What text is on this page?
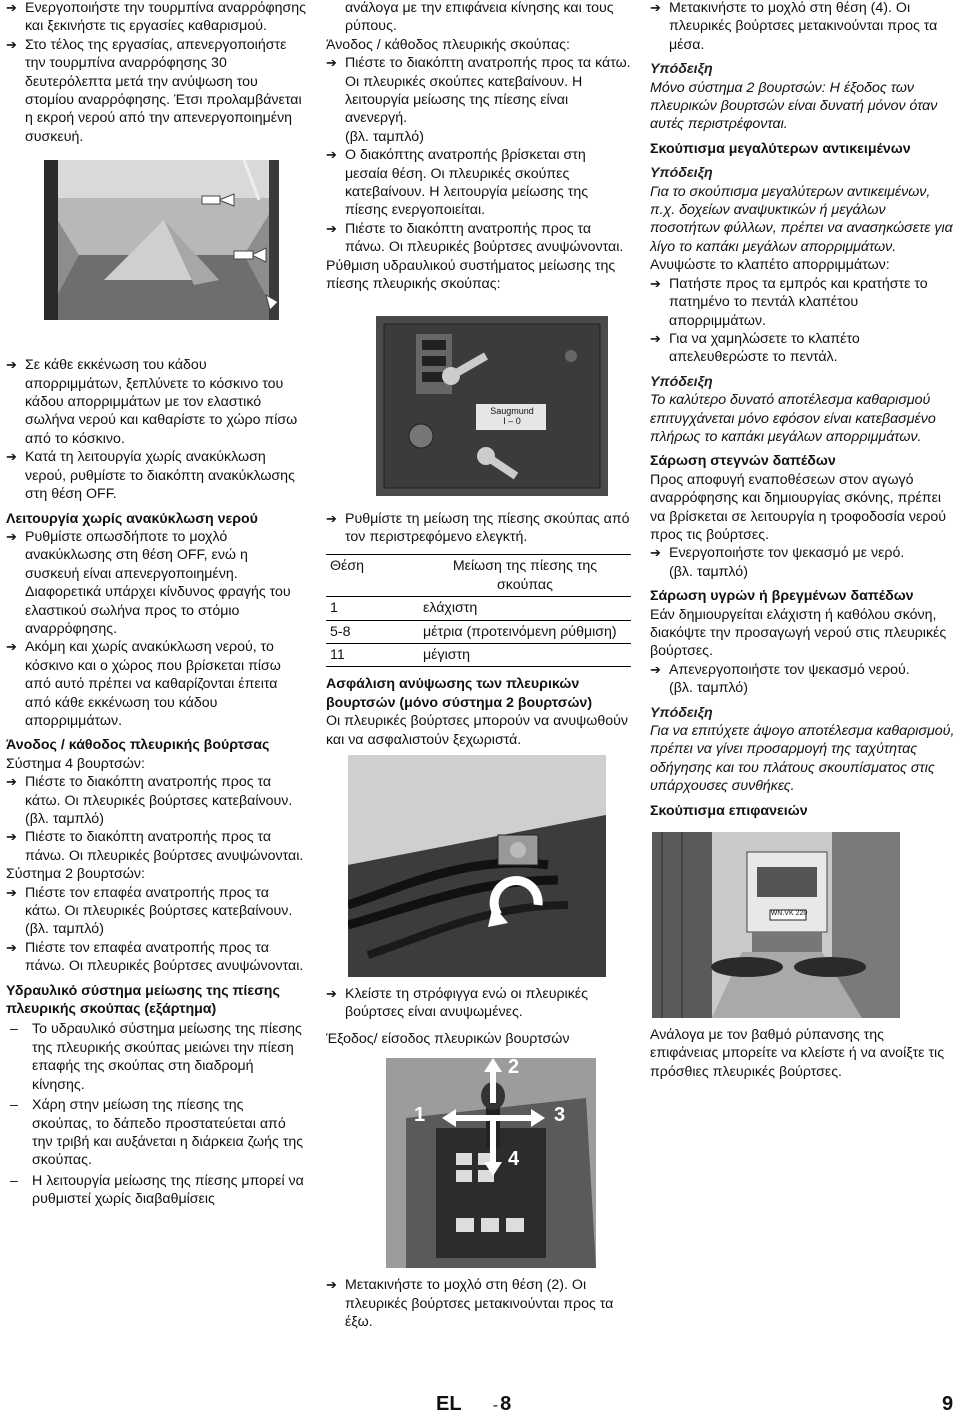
➔ Ενεργοποιήστε την τουρμπίνα αναρρόφησης και ξεκινήστε τις εργασίες καθαρισμού.

➔ Στο τέλος της εργασίας, απενεργοποιήστε την τουρμπίνα αναρρόφησης 30 δευτερόλεπτα μετά την ανύψωση του στομίου αναρρόφησης. Έτσι προλαμβάνεται η εκροή νερού από την απενεργοποιημένη συσκευή.

➔ Σε κάθε εκκένωση του κάδου απορριμμάτων, ξεπλύνετε το κόσκινο του κάδου απορριμμάτων με τον ελαστικό σωλήνα νερού και καθαρίστε το χώρο πίσω από το κόσκινο.

➔ Κατά τη λειτουργία χωρίς ανακύκλωση νερού, ρυθμίστε το διακόπτη ανακύκλωσης στη θέση OFF.

Λειτουργία χωρίς ανακύκλωση νερού

➔ Ρυθμίστε οπωσδήποτε το μοχλό ανακύκλωσης στη θέση OFF, ενώ η συσκευή είναι απενεργοποιημένη.

Διαφορετικά υπάρχει κίνδυνος φραγής του ελαστικού σωλήνα προς το στόμιο αναρρόφησης.

➔ Ακόμη και χωρίς ανακύκλωση νερού, το κόσκινο και ο χώρος που βρίσκεται πίσω από αυτό πρέπει να καθαρίζονται έπειτα από κάθε εκκένωση του κάδου απορριμμάτων.

Άνοδος / κάθοδος πλευρικής βούρτσας

Σύστημα 4 βουρτσών:

➔ Πιέστε το διακόπτη ανατροπής προς τα κάτω. Οι πλευρικές βούρτσες κατεβαίνουν.

(βλ. ταμπλό)

➔ Πιέστε το διακόπτη ανατροπής προς τα πάνω. Οι πλευρικές βούρτσες ανυψώνονται.

Σύστημα 2 βουρτσών:

➔ Πιέστε τον επαφέα ανατροπής προς τα κάτω. Οι πλευρικές βούρτσες κατεβαίνουν.

(βλ. ταμπλό)

➔ Πιέστε τον επαφέα ανατροπής προς τα πάνω. Οι πλευρικές βούρτσες ανυψώνονται.

Υδραυλικό σύστημα μείωσης της πίεσης πλευρικής σκούπας (εξάρτημα)

– Το υδραυλικό σύστημα μείωσης της πίεσης της πλευρικής σκούπας μειώνει την πίεση επαφής της σκούπας στη διαδρομή κίνησης.

– Χάρη στην μείωση της πίεσης της σκούπας, το δάπεδο προστατεύεται από την τριβή και αυξάνεται η διάρκεια ζωής της σκούπας.

– Η λειτουργία μείωσης της πίεσης μπορεί να ρυθμιστεί χωρίς διαβαθμίσεις

ανάλογα με την επιφάνεια κίνησης και τους ρύπους.

Άνοδος / κάθοδος πλευρικής σκούπας:

➔ Πιέστε το διακόπτη ανατροπής προς τα κάτω. Οι πλευρικές σκούπες κατεβαίνουν. Η λειτουργία μείωσης της πίεσης είναι ανενεργή.

(βλ. ταμπλό)

➔ Ο διακόπτης ανατροπής βρίσκεται στη μεσαία θέση. Οι πλευρικές σκούπες κατεβαίνουν. Η λειτουργία μείωσης της πίεσης ενεργοποιείται.

➔ Πιέστε το διακόπτη ανατροπής προς τα πάνω. Οι πλευρικές βούρτσες ανυψώνονται.

Ρύθμιση υδραυλικού συστήματος μείωσης της πίεσης πλευρικής σκούπας:

Saugmund
I – 0

➔ Ρυθμίστε τη μείωση της πίεσης σκούπας από τον περιστρεφόμενο ελεγκτή.

Θέση	Μείωση της πίεσης της σκούπας
1	ελάχιστη
5-8	μέτρια (προτεινόμενη ρύθμιση)
11	μέγιστη

Ασφάλιση ανύψωσης των πλευρικών βουρτσών (μόνο σύστημα 2 βουρτσών)

Οι πλευρικές βούρτσες μπορούν να ανυψωθούν και να ασφαλιστούν ξεχωριστά.

➔ Κλείστε τη στρόφιγγα ενώ οι πλευρικές βούρτσες είναι ανυψωμένες.

Έξοδος/ είσοδος πλευρικών βουρτσών

2
1	3
4

➔ Μετακινήστε το μοχλό στη θέση (2). Οι πλευρικές βούρτσες μετακινούνται προς τα έξω.

➔ Μετακινήστε το μοχλό στη θέση (4). Οι πλευρικές βούρτσες μετακινούνται προς τα μέσα.

Υπόδειξη

Μόνο σύστημα 2 βουρτσών: Η έξοδος των πλευρικών βουρτσών είναι δυνατή μόνον όταν αυτές περιστρέφονται.

Σκούπισμα μεγαλύτερων αντικειμένων

Υπόδειξη

Για το σκούπισμα μεγαλύτερων αντικειμένων, π.χ. δοχείων αναψυκτικών ή μεγάλων ποσοτήτων φύλλων, πρέπει να ανασηκώσετε για λίγο το καπάκι μεγάλων απορριμμάτων.

Ανυψώστε το κλαπέτο απορριμμάτων:

➔ Πατήστε προς τα εμπρός και κρατήστε το πατημένο το πεντάλ κλαπέτου απορριμμάτων.

➔ Για να χαμηλώσετε το κλαπέτο απελευθερώστε το πεντάλ.

Υπόδειξη

Το καλύτερο δυνατό αποτέλεσμα καθαρισμού επιτυγχάνεται μόνο εφόσον είναι κατεβασμένο πλήρως το καπάκι μεγάλων απορριμμάτων.

Σάρωση στεγνών δαπέδων

Προς αποφυγή εναποθέσεων στον αγωγό αναρρόφησης και δημιουργίας σκόνης, πρέπει να βρίσκεται σε λειτουργία η τροφοδοσία νερού προς τις βούρτσες.

➔ Ενεργοποιήστε τον ψεκασμό με νερό.

(βλ. ταμπλό)

Σάρωση υγρών ή βρεγμένων δαπέδων

Εάν δημιουργείται ελάχιστη ή καθόλου σκόνη, διακόψτε την προσαγωγή νερού στις πλευρικές βούρτσες.

➔ Απενεργοποιήστε τον ψεκασμό νερού.

(βλ. ταμπλό)

Υπόδειξη

Για να επιτύχετε άψογο αποτέλεσμα καθαρισμού, πρέπει να γίνει προσαρμογή της ταχύτητας οδήγησης και του πλάτους σκουπίσματος στις υπάρχουσες συνθήκες.

Σκούπισμα επιφανειών

WN.VK 220

Ανάλογα με τον βαθμό ρύπανσης της επιφάνειας μπορείτε να κλείστε ή να ανοίξτε τις πρόσθιες πλευρικές βούρτσες.

EL - 8	9
